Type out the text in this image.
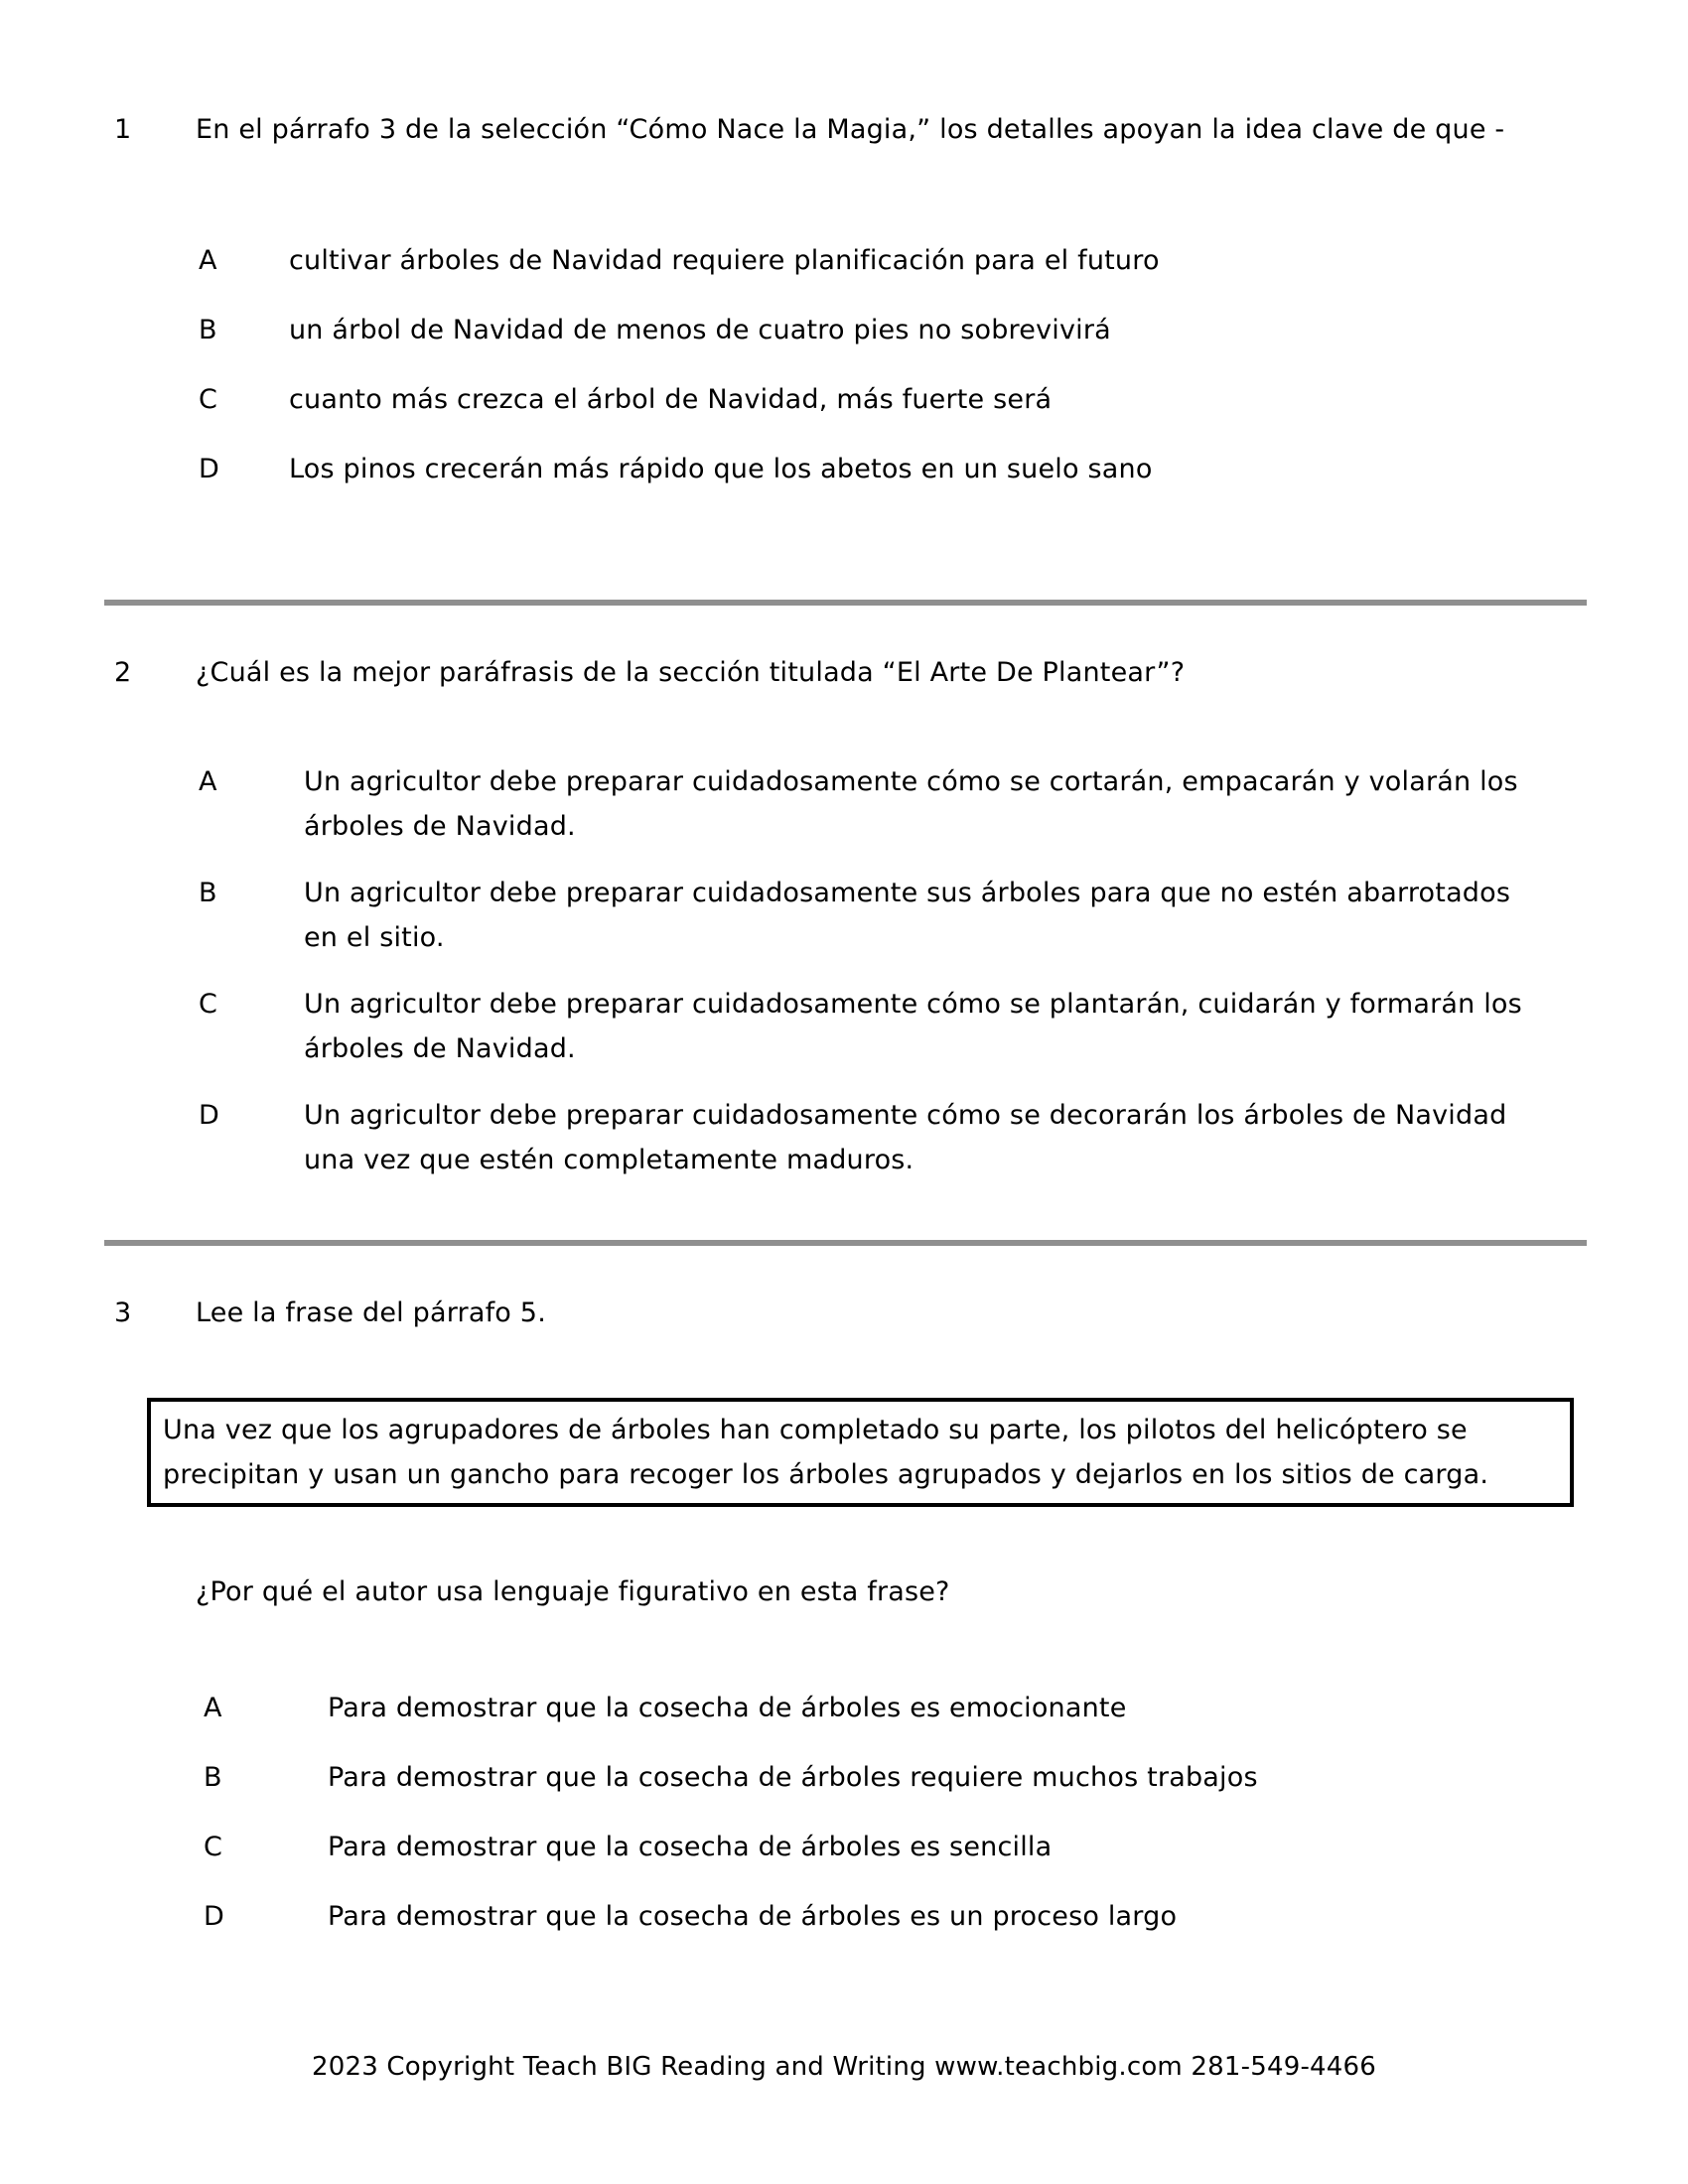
1	En el párrafo 3 de la selección “Cómo Nace la Magia,” los detalles apoyan la idea clave de que -
A	cultivar árboles de Navidad requiere planificación para el futuro
B	un árbol de Navidad de menos de cuatro pies no sobrevivirá
C	cuanto más crezca el árbol de Navidad, más fuerte será
D	Los pinos crecerán más rápido que los abetos en un suelo sano
2	¿Cuál es la mejor paráfrasis de la sección titulada “El Arte De Plantear”?
A	Un agricultor debe preparar cuidadosamente cómo se cortarán, empacarán y volarán los árboles de Navidad.
B	Un agricultor debe preparar cuidadosamente sus árboles para que no estén abarrotados en el sitio.
C	Un agricultor debe preparar cuidadosamente cómo se plantarán, cuidarán y formarán los árboles de Navidad.
D	Un agricultor debe preparar cuidadosamente cómo se decorarán los árboles de Navidad una vez que estén completamente maduros.
3	Lee la frase del párrafo 5.
Una vez que los agrupadores de árboles han completado su parte, los pilotos del helicóptero se precipitan y usan un gancho para recoger los árboles agrupados y dejarlos en los sitios de carga.
¿Por qué el autor usa lenguaje figurativo en esta frase?
A	Para demostrar que la cosecha de árboles es emocionante
B	Para demostrar que la cosecha de árboles requiere muchos trabajos
C	Para demostrar que la cosecha de árboles es sencilla
D	Para demostrar que la cosecha de árboles es un proceso largo
2023 Copyright Teach BIG Reading and Writing www.teachbig.com 281-549-4466
